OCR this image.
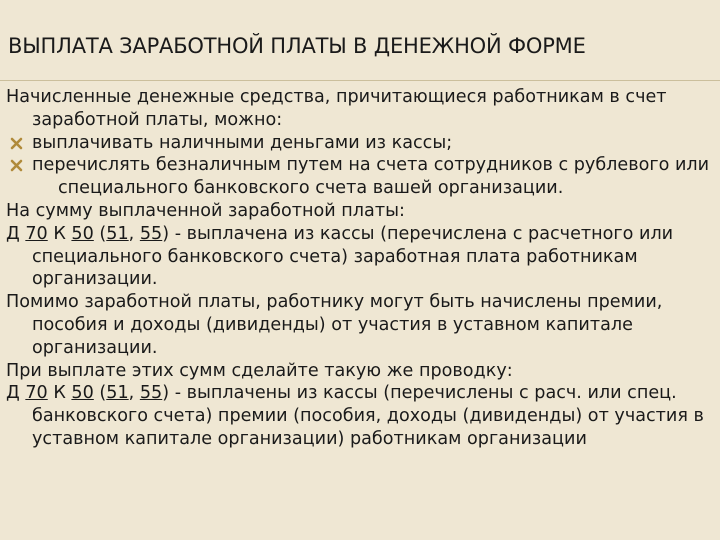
ВЫПЛАТА ЗАРАБОТНОЙ ПЛАТЫ В ДЕНЕЖНОЙ ФОРМЕ

Начисленные денежные средства, причитающиеся работникам в счет заработной платы, можно:

выплачивать наличными деньгами из кассы;

перечислять безналичным путем на счета сотрудников с рублевого или специального банковского счета вашей организации.

На сумму выплаченной заработной платы:

Д 70 К 50 (51, 55) - выплачена из кассы (перечислена с расчетного или специального банковского счета) заработная плата работникам организации.

Помимо заработной платы, работнику могут быть начислены премии, пособия и доходы (дивиденды) от участия в уставном капитале организации.

При выплате этих сумм сделайте такую же проводку:

Д 70 К 50 (51, 55) - выплачены из кассы (перечислены с расч. или спец. банковского счета) премии (пособия, доходы (дивиденды) от участия в уставном капитале организации) работникам организации
